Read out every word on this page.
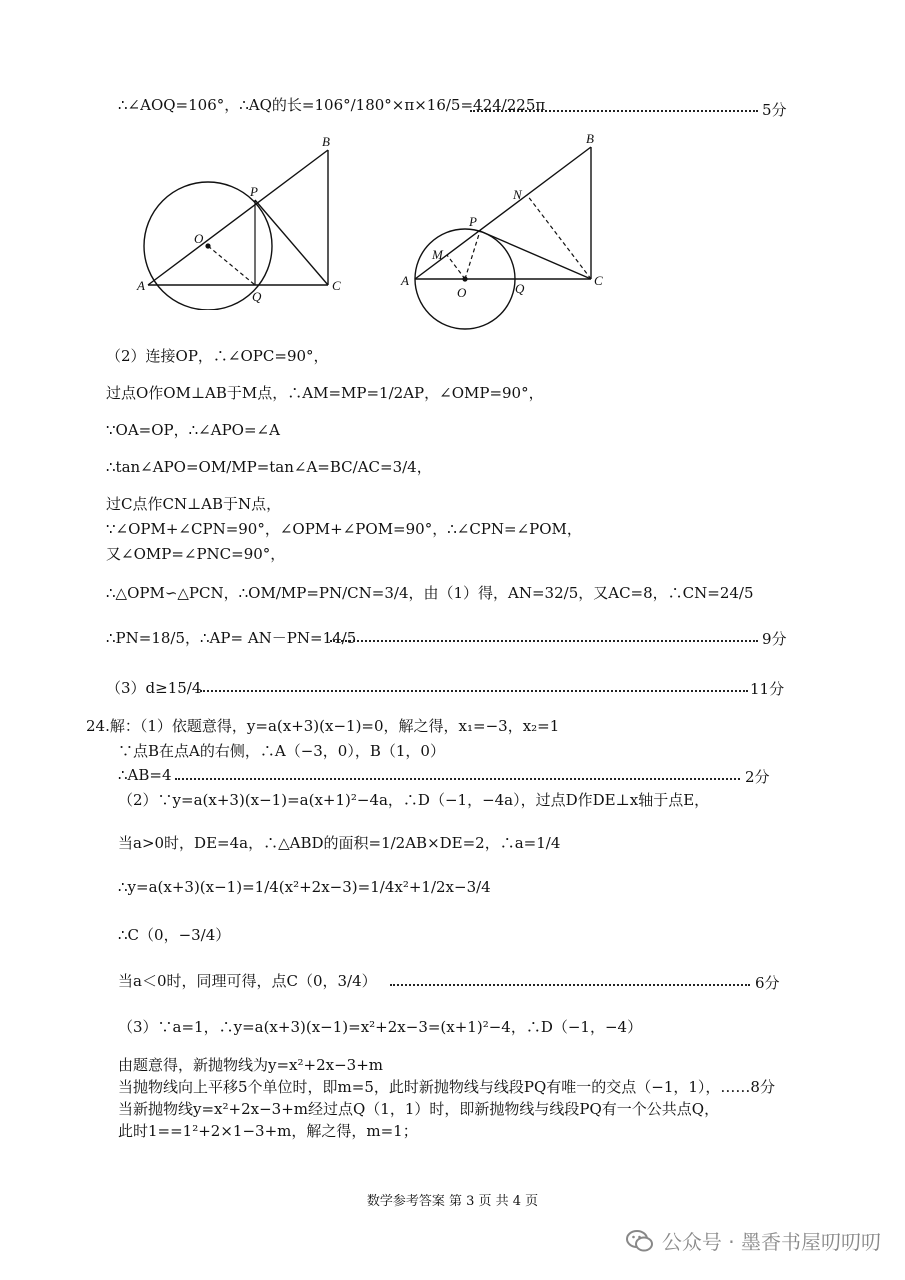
∴∠AOQ=106°，∴AQ的长=106°/180°×π×16/5=424/225π	5分
B
P
O
A
Q
C
B
N
P
M
A
O	Q
C
（2）连接OP，∴∠OPC=90°，
过点O作OM⊥AB于M点，∴AM=MP=1/2AP，∠OMP=90°，
∵OA=OP，∴∠APO=∠A
∴tan∠APO=OM/MP=tan∠A=BC/AC=3/4，
过C点作CN⊥AB于N点，
∵∠OPM+∠CPN=90°，∠OPM+∠POM=90°，∴∠CPN=∠POM，
又∠OMP=∠PNC=90°，
∴△OPM∽△PCN，∴OM/MP=PN/CN=3/4，由（1）得，AN=32/5，又AC=8，∴CN=24/5
∴PN=18/5，∴AP= AN－PN=14/5	9分
（3）d≥15/4	11分
24.解：（1）依题意得，y=a(x+3)(x−1)=0，解之得，x₁=−3，x₂=1
∵点B在点A的右侧，∴A（−3，0），B（1，0）
∴AB=4	2分
（2）∵y=a(x+3)(x−1)=a(x+1)²−4a，∴D（−1，−4a），过点D作DE⊥x轴于点E，
当a>0时，DE=4a，∴△ABD的面积=1/2AB×DE=2，∴a=1/4
∴y=a(x+3)(x−1)=1/4(x²+2x−3)=1/4x²+1/2x−3/4
∴C（0，−3/4）
当a＜0时，同理可得，点C（0，3/4）	6分
（3）∵a=1，∴y=a(x+3)(x−1)=x²+2x−3=(x+1)²−4，∴D（−1，−4）
由题意得，新抛物线为y=x²+2x−3+m
当抛物线向上平移5个单位时，即m=5，此时新抛物线与线段PQ有唯一的交点（−1，1），……8分
当新抛物线y=x²+2x−3+m经过点Q（1，1）时，即新抛物线与线段PQ有一个公共点Q，
此时1==1²+2×1−3+m，解之得，m=1；
数学参考答案 第 3 页 共 4 页
公众号 · 墨香书屋叨叨叨
